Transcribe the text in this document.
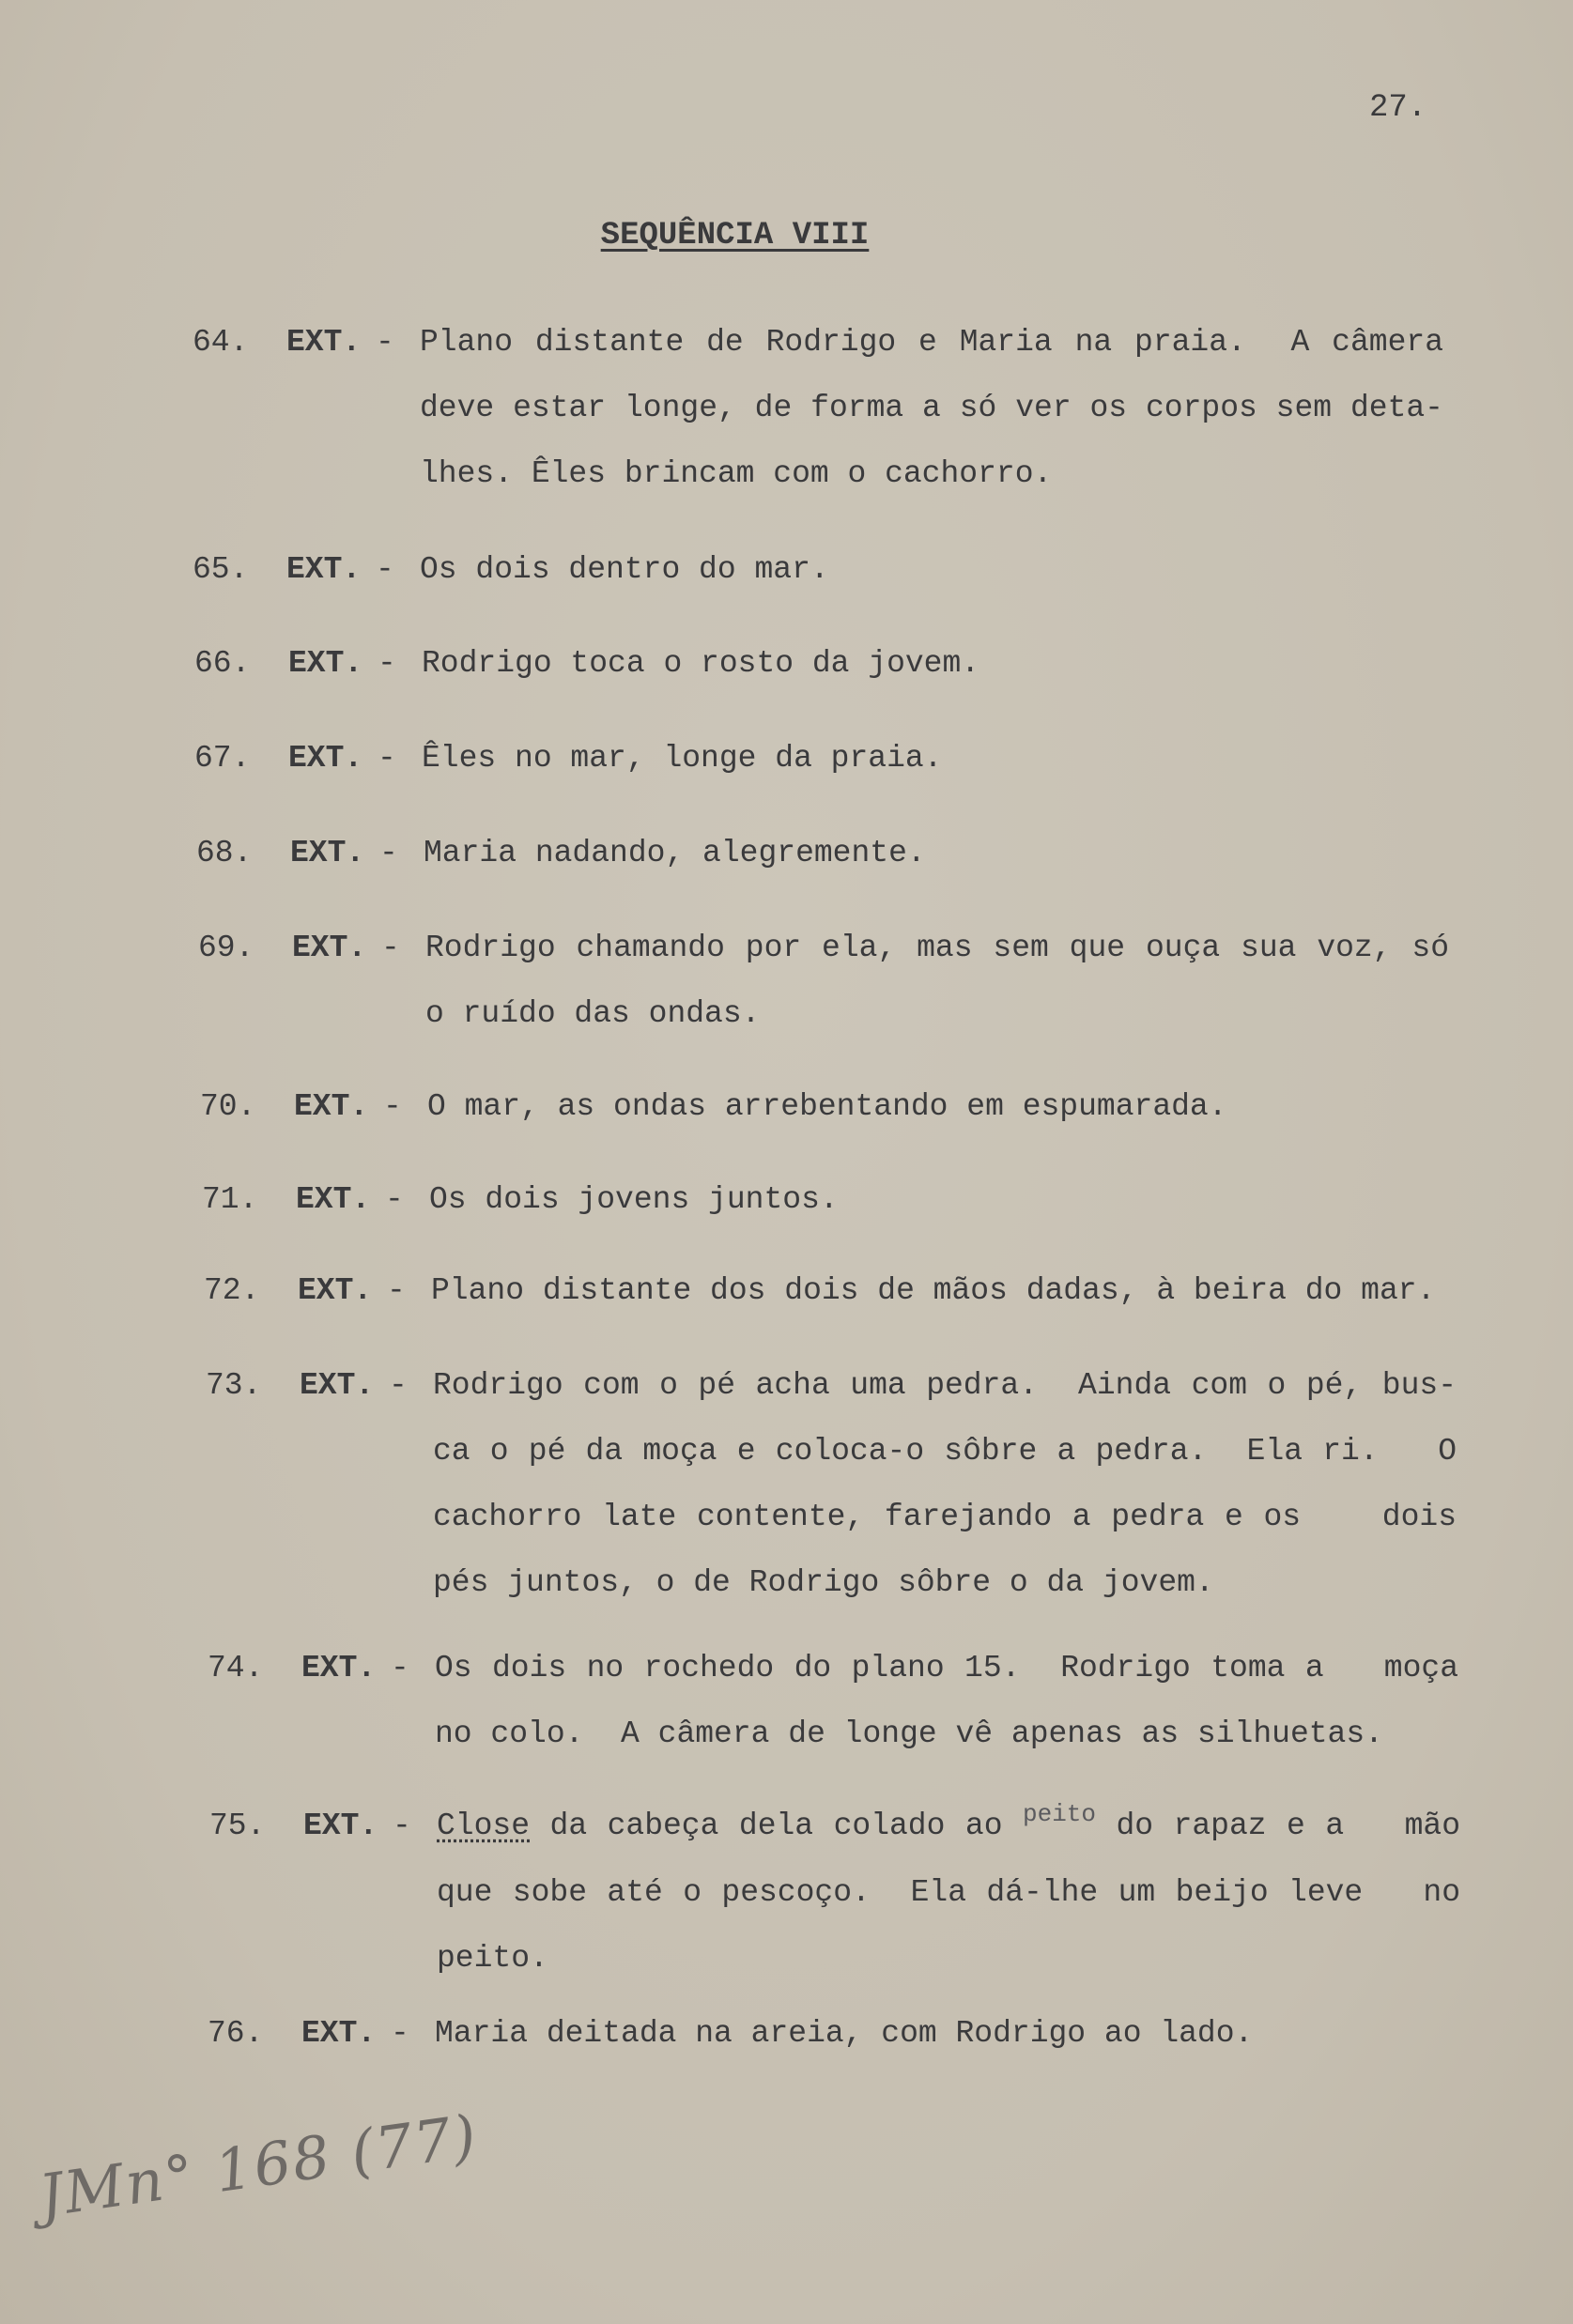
27.
SEQUÊNCIA VIII
64. EXT. - Plano distante de Rodrigo e Maria na praia.  A câmera
deve estar longe, de forma a só ver os corpos sem deta-
lhes. Êles brincam com o cachorro.
65. EXT. - Os dois dentro do mar.
66. EXT. - Rodrigo toca o rosto da jovem.
67. EXT. - Êles no mar, longe da praia.
68. EXT. - Maria nadando, alegremente.
69. EXT. - Rodrigo chamando por ela, mas sem que ouça sua voz, só
o ruído das ondas.
70. EXT. - O mar, as ondas arrebentando em espumarada.
71. EXT. - Os dois jovens juntos.
72. EXT. - Plano distante dos dois de mãos dadas, à beira do mar.
73. EXT. - Rodrigo com o pé acha uma pedra.  Ainda com o pé, bus-
ca o pé da moça e coloca-o sôbre a pedra.  Ela ri.   O
cachorro late contente, farejando a pedra e os    dois
pés juntos, o de Rodrigo sôbre o da jovem.
74. EXT. - Os dois no rochedo do plano 15.  Rodrigo toma a   moça
no colo.  A câmera de longe vê apenas as silhuetas.
75. EXT. - Close da cabeça dela colado ao $^{peito}$ do rapaz e a   mão
que sobe até o pescoço.  Ela dá-lhe um beijo leve   no
peito.
76. EXT. - Maria deitada na areia, com Rodrigo ao lado.
JMn° 168 (77)
